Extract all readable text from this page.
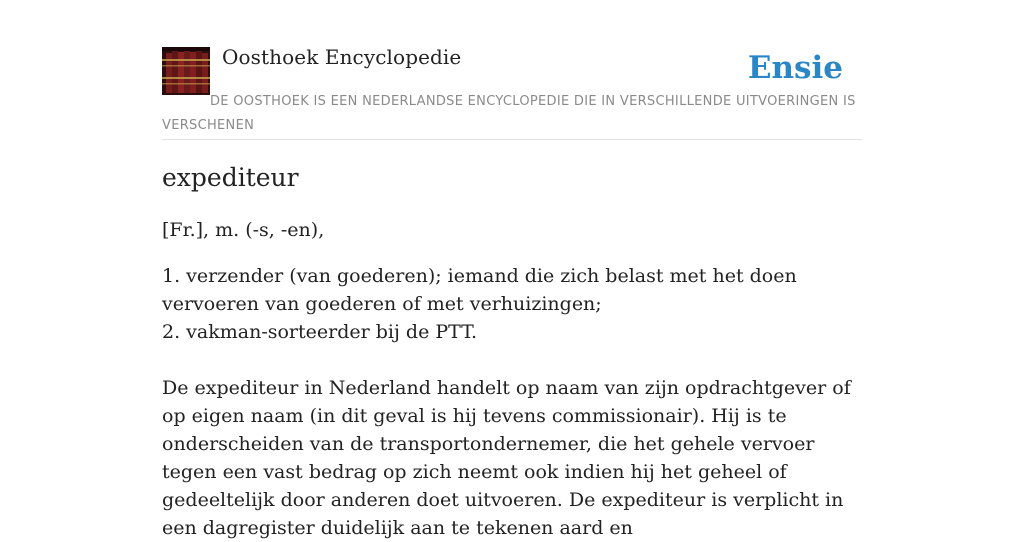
Oosthoek Encyclopedie	Ensie
DE OOSTHOEK IS EEN NEDERLANDSE ENCYCLOPEDIE DIE IN VERSCHILLENDE UITVOERINGEN IS VERSCHENEN
expediteur

[Fr.], m. (-s, -en),

1. verzender (van goederen); iemand die zich belast met het doen vervoeren van goederen of met verhuizingen;

2. vakman-sorteerder bij de PTT.

De expediteur in Nederland handelt op naam van zijn opdrachtgever of op eigen naam (in dit geval is hij tevens commissionair). Hij is te onderscheiden van de transportondernemer, die het gehele vervoer tegen een vast bedrag op zich neemt ook indien hij het geheel of gedeeltelijk door anderen doet uitvoeren. De expediteur is verplicht in een dagregister duidelijk aan te tekenen aard en
